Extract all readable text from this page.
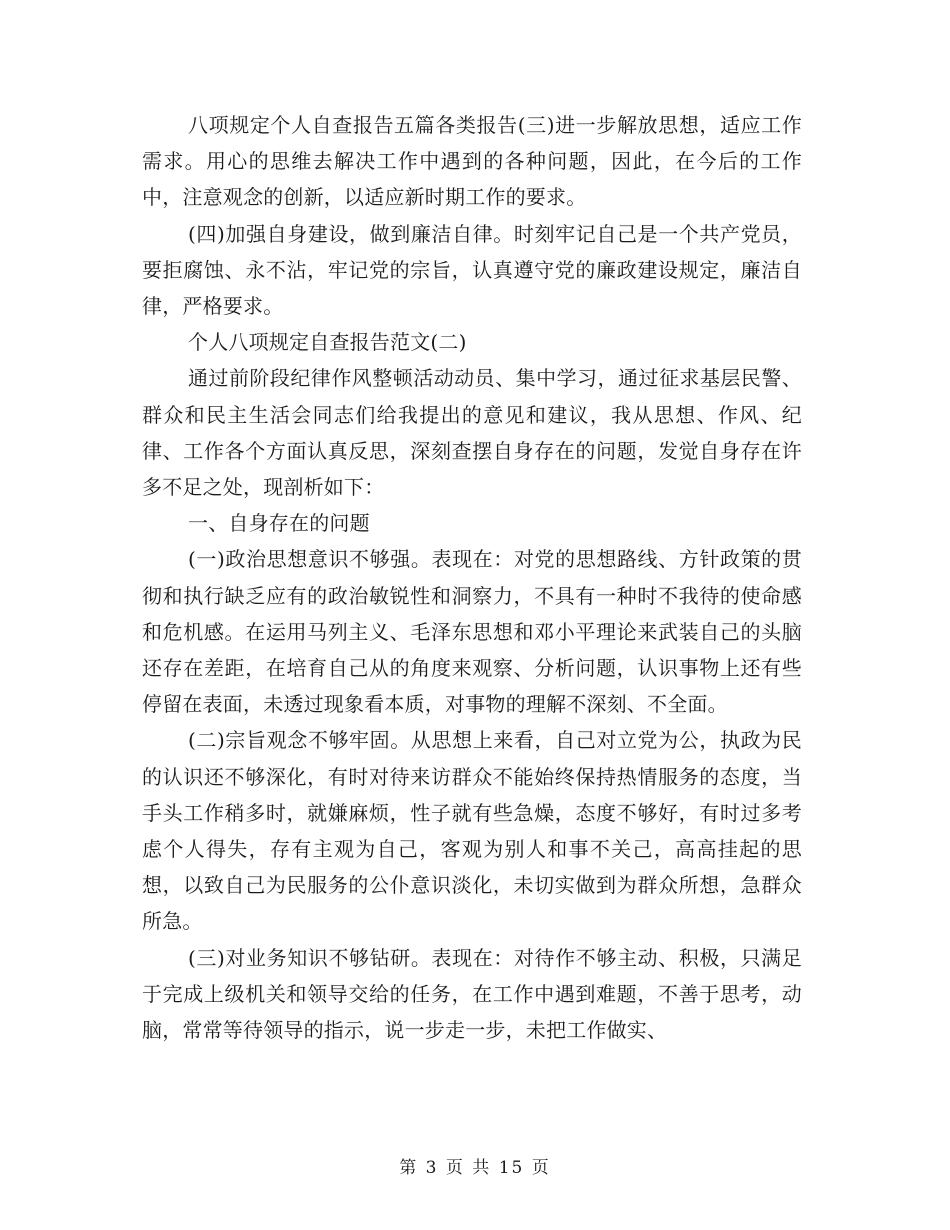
八项规定个人自查报告五篇各类报告(三)进一步解放思想，适应工作需求。用心的思维去解决工作中遇到的各种问题，因此，在今后的工作中，注意观念的创新，以适应新时期工作的要求。

(四)加强自身建设，做到廉洁自律。时刻牢记自己是一个共产党员，要拒腐蚀、永不沾，牢记党的宗旨，认真遵守党的廉政建设规定，廉洁自律，严格要求。

个人八项规定自查报告范文(二)

通过前阶段纪律作风整顿活动动员、集中学习，通过征求基层民警、群众和民主生活会同志们给我提出的意见和建议，我从思想、作风、纪律、工作各个方面认真反思，深刻查摆自身存在的问题，发觉自身存在许多不足之处，现剖析如下：

一、自身存在的问题

(一)政治思想意识不够强。表现在：对党的思想路线、方针政策的贯彻和执行缺乏应有的政治敏锐性和洞察力，不具有一种时不我待的使命感和危机感。在运用马列主义、毛泽东思想和邓小平理论来武装自己的头脑还存在差距，在培育自己从的角度来观察、分析问题，认识事物上还有些停留在表面，未透过现象看本质，对事物的理解不深刻、不全面。

(二)宗旨观念不够牢固。从思想上来看，自己对立党为公，执政为民的认识还不够深化，有时对待来访群众不能始终保持热情服务的态度，当手头工作稍多时，就嫌麻烦，性子就有些急燥，态度不够好，有时过多考虑个人得失，存有主观为自己，客观为别人和事不关己，高高挂起的思想，以致自己为民服务的公仆意识淡化，未切实做到为群众所想，急群众所急。

(三)对业务知识不够钻研。表现在：对待作不够主动、积极，只满足于完成上级机关和领导交给的任务，在工作中遇到难题，不善于思考，动脑，常常等待领导的指示，说一步走一步，未把工作做实、

第 3 页 共 15 页
